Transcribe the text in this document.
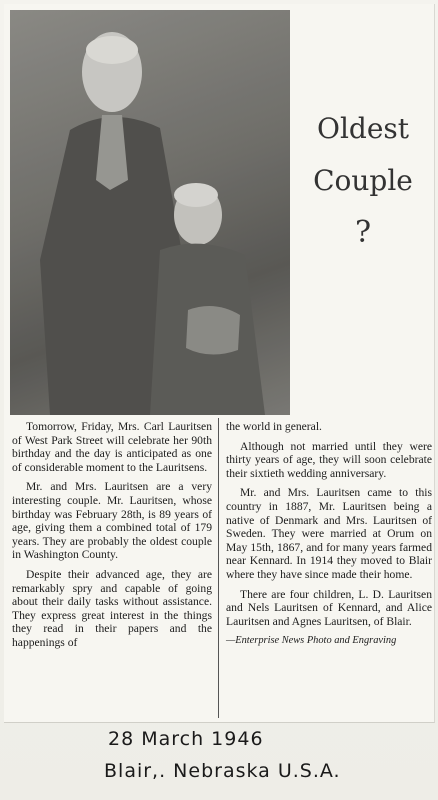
Oldest
Couple
?

Tomorrow, Friday, Mrs. Carl Lauritsen of West Park Street will celebrate her 90th birthday and the day is anticipated as one of considerable moment to the Lauritsens.

Mr. and Mrs. Lauritsen are a very interesting couple. Mr. Lauritsen, whose birthday was February 28th, is 89 years of age, giving them a combined total of 179 years. They are probably the oldest couple in Washington County.

Despite their advanced age, they are remarkably spry and capable of going about their daily tasks without assistance. They express great interest in the things they read in their papers and the happenings of

the world in general.

Although not married until they were thirty years of age, they will soon celebrate their sixtieth wedding anniversary.

Mr. and Mrs. Lauritsen came to this country in 1887, Mr. Lauritsen being a native of Denmark and Mrs. Lauritsen of Sweden. They were married at Orum on May 15th, 1867, and for many years farmed near Kennard. In 1914 they moved to Blair where they have since made their home.

There are four children, L. D. Lauritsen and Nels Lauritsen of Kennard, and Alice Lauritsen and Agnes Lauritsen, of Blair.

—Enterprise News Photo and Engraving

28 March 1946
Blair,. Nebraska U.S.A.
